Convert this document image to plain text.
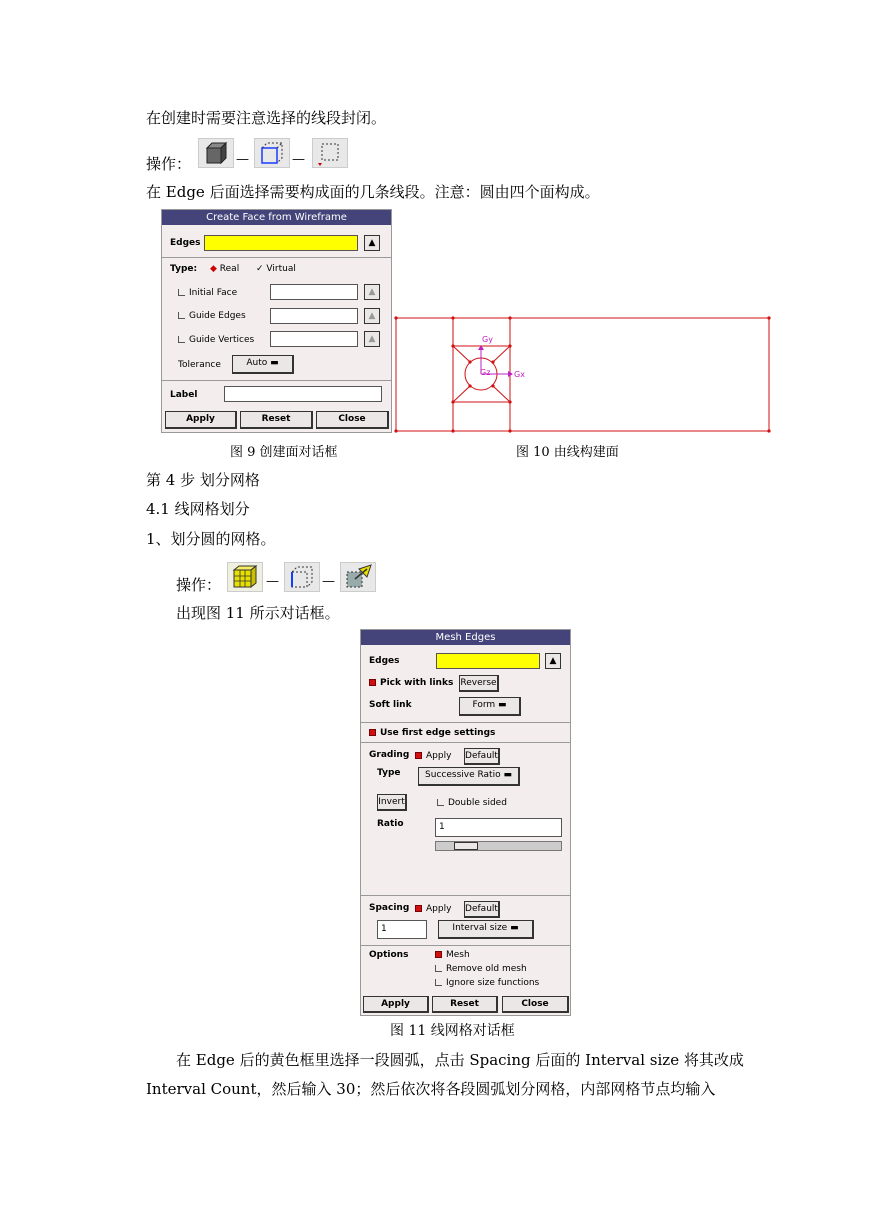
在创建时需要注意选择的线段封闭。
操作：	—	—
在 Edge 后面选择需要构成面的几条线段。注意：圆由四个面构成。
Create Face from Wireframe
Edges	▲
Type: ◆ Real ✓ Virtual
Initial Face	▲
Guide Edges	▲
Guide Vertices	▲
Tolerance	Auto ▬
Label
Apply	Reset	Close
Gy
Gz	Gx
图 9 创建面对话框	图 10 由线构建面
第 4 步 划分网格
4.1 线网格划分
1、划分圆的网格。
操作：	—	—
出现图 11 所示对话框。
Mesh Edges
Edges	▲
Pick with links Reverse
Soft link	Form ▬
Use first edge settings
Grading	Apply Default
Type	Successive Ratio ▬
Invert	Double sided
Ratio	1
Spacing	Apply Default
1	Interval size ▬
Options	Mesh
Remove old mesh
Ignore size functions
Apply	Reset	Close
图 11 线网格对话框
在 Edge 后的黄色框里选择一段圆弧，点击 Spacing 后面的 Interval size 将其改成
Interval Count，然后输入 30；然后依次将各段圆弧划分网格，内部网格节点均输入
